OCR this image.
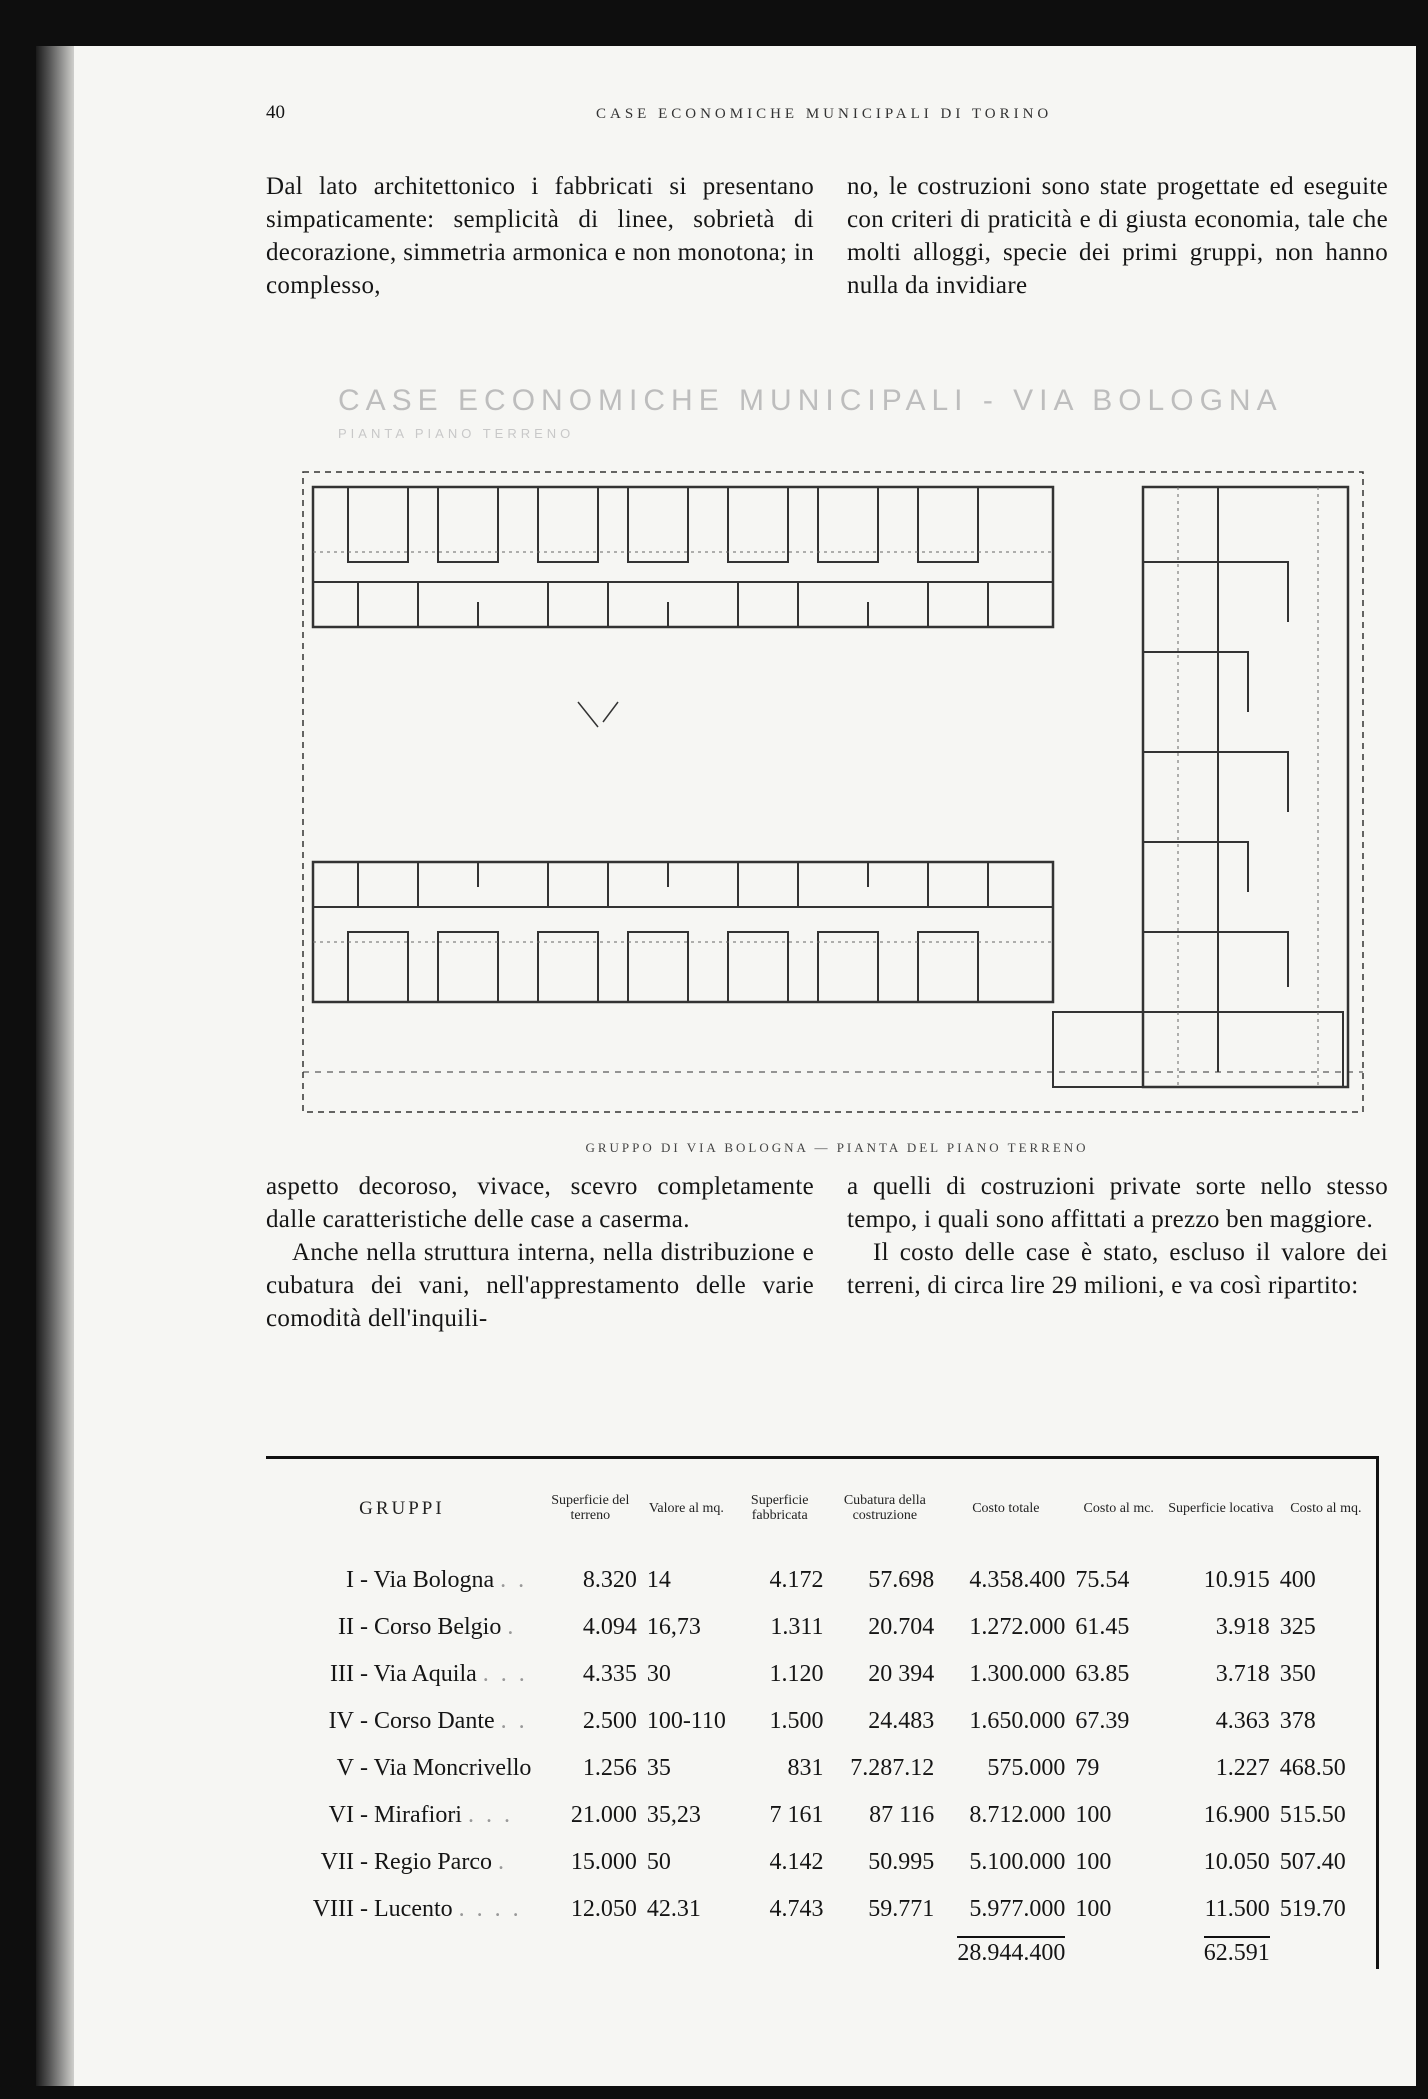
40	CASE ECONOMICHE MUNICIPALI DI TORINO

Dal lato architettonico i fabbricati si presentano simpaticamente: semplicità di linee, sobrietà di decorazione, simmetria armonica e non monotona; in complesso,

no, le costruzioni sono state progettate ed eseguite con criteri di praticità e di giusta economia, tale che molti alloggi, specie dei primi gruppi, non hanno nulla da invidiare

CASE ECONOMICHE MUNICIPALI - VIA BOLOGNA
PIANTA PIANO TERRENO
GRUPPO DI VIA BOLOGNA — PIANTA DEL PIANO TERRENO

aspetto decoroso, vivace, scevro completamente dalle caratteristiche delle case a caserma.

Anche nella struttura interna, nella distribuzione e cubatura dei vani, nell'apprestamento delle varie comodità dell'inquili-

a quelli di costruzioni private sorte nello stesso tempo, i quali sono affittati a prezzo ben maggiore.

Il costo delle case è stato, escluso il valore dei terreni, di circa lire 29 milioni, e va così ripartito:

GRUPPI	Superficie del terreno	Valore al mq.	Superficie fabbricata	Cubatura della costruzione	Costo totale	Costo al mc.	Superficie locativa	Costo al mq.
I - Via Bologna . .	8.320	14	4.172	57.698	4.358.400	75.54	10.915	400
II - Corso Belgio .	4.094	16,73	1.311	20.704	1.272.000	61.45	3.918	325
III - Via Aquila . . .	4.335	30	1.120	20 394	1.300.000	63.85	3.718	350
IV - Corso Dante . .	2.500	100-110	1.500	24.483	1.650.000	67.39	4.363	378
V - Via Moncrivello	1.256	35	831	7.287.12	575.000	79	1.227	468.50
VI - Mirafiori . . .	21.000	35,23	7 161	87 116	8.712.000	100	16.900	515.50
VII - Regio Parco .	15.000	50	4.142	50.995	5.100.000	100	10.050	507.40
VIII - Lucento . . . .	12.050	42.31	4.743	59.771	5.977.000	100	11.500	519.70
					28.944.400		62.591	
